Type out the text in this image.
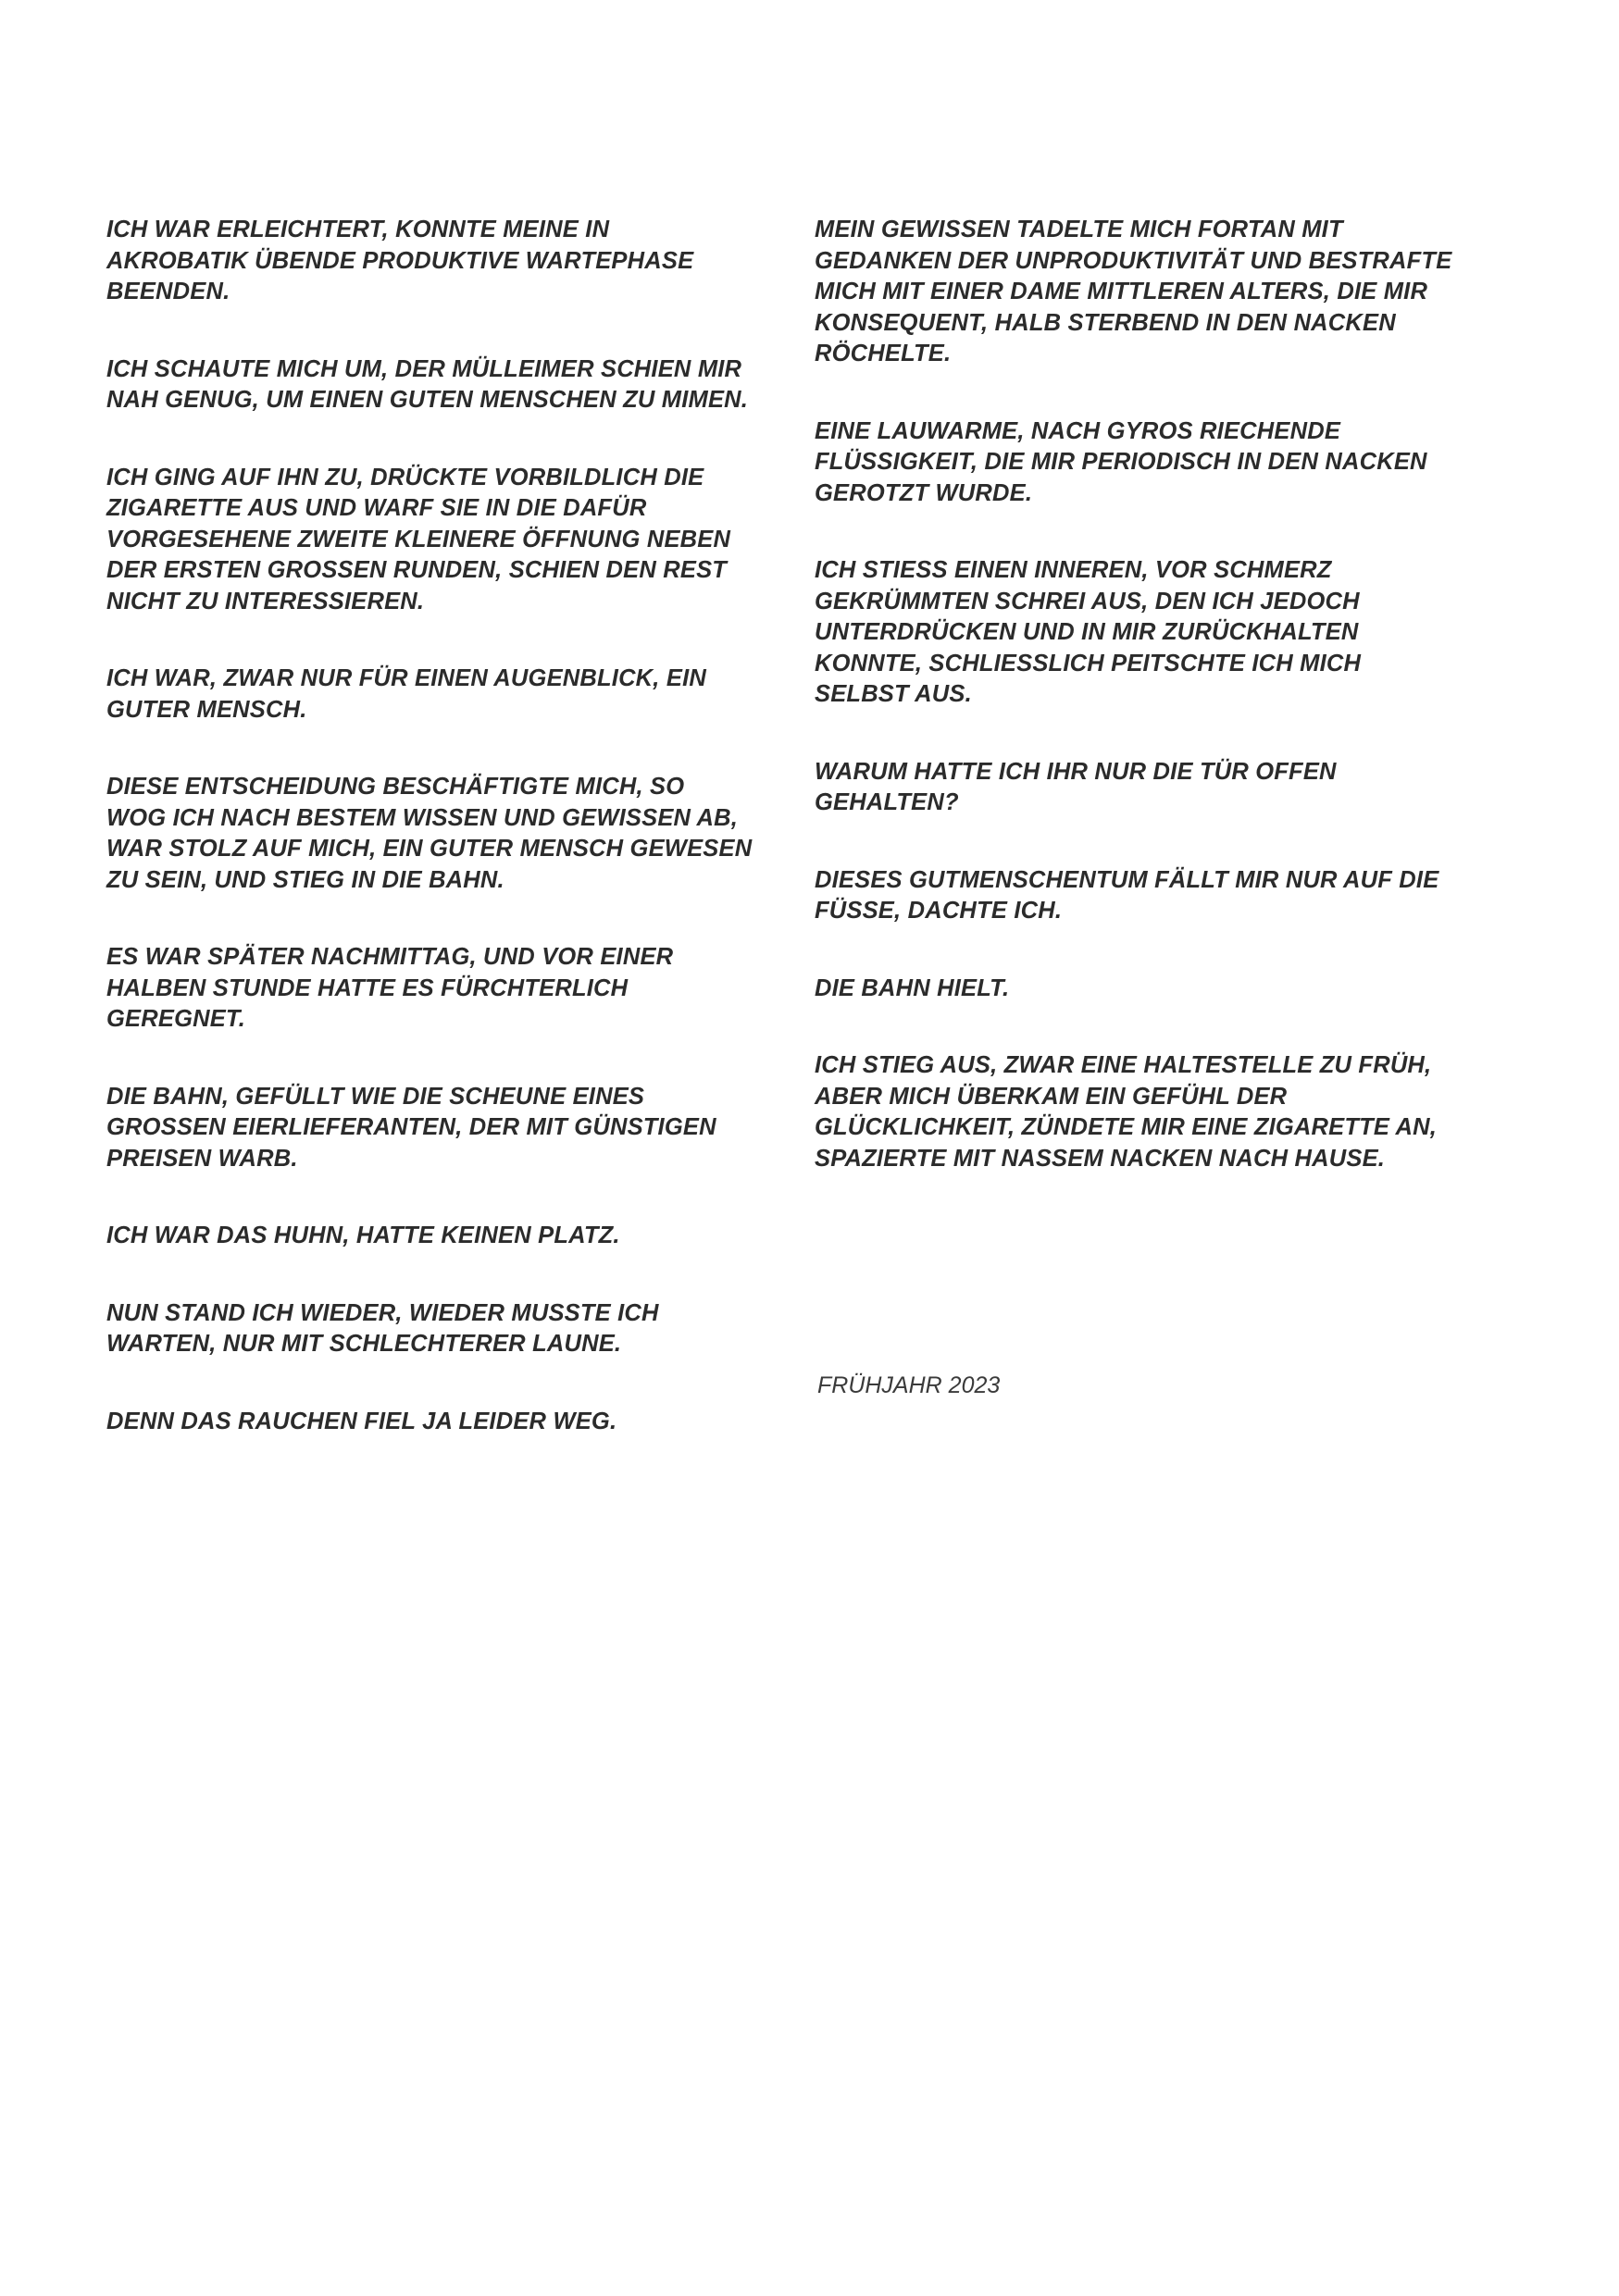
ICH WAR ERLEICHTERT, KONNTE MEINE IN
AKROBATIK ÜBENDE PRODUKTIVE WARTEPHASE
BEENDEN.

ICH SCHAUTE MICH UM, DER MÜLLEIMER SCHIEN MIR
NAH GENUG, UM EINEN GUTEN MENSCHEN ZU MIMEN.

ICH GING AUF IHN ZU, DRÜCKTE VORBILDLICH DIE
ZIGARETTE AUS UND WARF SIE IN DIE DAFÜR
VORGESEHENE ZWEITE KLEINERE ÖFFNUNG NEBEN
DER ERSTEN GROSSEN RUNDEN, SCHIEN DEN REST
NICHT ZU INTERESSIEREN.

ICH WAR, ZWAR NUR FÜR EINEN AUGENBLICK, EIN
GUTER MENSCH.

DIESE ENTSCHEIDUNG BESCHÄFTIGTE MICH, SO
WOG ICH NACH BESTEM WISSEN UND GEWISSEN AB,
WAR STOLZ AUF MICH, EIN GUTER MENSCH GEWESEN
ZU SEIN, UND STIEG IN DIE BAHN.

ES WAR SPÄTER NACHMITTAG, UND VOR EINER
HALBEN STUNDE HATTE ES FÜRCHTERLICH
GEREGNET.

DIE BAHN, GEFÜLLT WIE DIE SCHEUNE EINES
GROSSEN EIERLIEFERANTEN, DER MIT GÜNSTIGEN
PREISEN WARB.

ICH WAR DAS HUHN, HATTE KEINEN PLATZ.

NUN STAND ICH WIEDER, WIEDER MUSSTE ICH
WARTEN, NUR MIT SCHLECHTERER LAUNE.

DENN DAS RAUCHEN FIEL JA LEIDER WEG.

MEIN GEWISSEN TADELTE MICH FORTAN MIT
GEDANKEN DER UNPRODUKTIVITÄT UND BESTRAFTE
MICH MIT EINER DAME MITTLEREN ALTERS, DIE MIR
KONSEQUENT, HALB STERBEND IN DEN NACKEN
RÖCHELTE.

EINE LAUWARME, NACH GYROS RIECHENDE
FLÜSSIGKEIT, DIE MIR PERIODISCH IN DEN NACKEN
GEROTZT WURDE.

ICH STIESS EINEN INNEREN, VOR SCHMERZ
GEKRÜMMTEN SCHREI AUS, DEN ICH JEDOCH
UNTERDRÜCKEN UND IN MIR ZURÜCKHALTEN
KONNTE, SCHLIESSLICH PEITSCHTE ICH MICH
SELBST AUS.

WARUM HATTE ICH IHR NUR DIE TÜR OFFEN
GEHALTEN?

DIESES GUTMENSCHENTUM FÄLLT MIR NUR AUF DIE
FÜSSE, DACHTE ICH.

DIE BAHN HIELT.

ICH STIEG AUS, ZWAR EINE HALTESTELLE ZU FRÜH,
ABER MICH ÜBERKAM EIN GEFÜHL DER
GLÜCKLICHKEIT, ZÜNDETE MIR EINE ZIGARETTE AN,
SPAZIERTE MIT NASSEM NACKEN NACH HAUSE.

FRÜHJAHR 2023
